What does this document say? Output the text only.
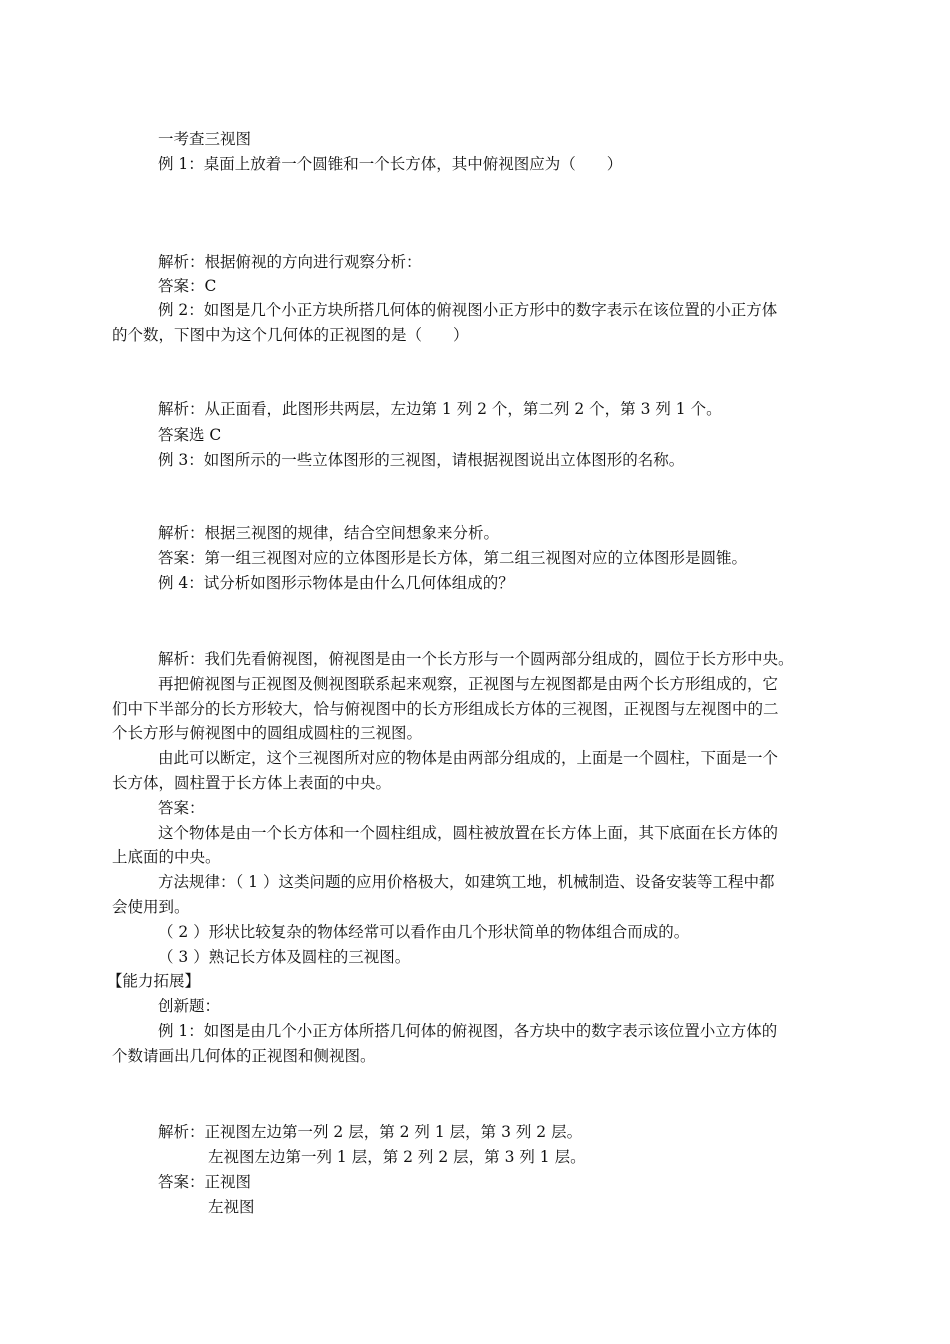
一考查三视图
例 1：桌面上放着一个圆锥和一个长方体，其中俯视图应为（　　）
解析：根据俯视的方向进行观察分析：
答案：C
例 2：如图是几个小正方块所搭几何体的俯视图小正方形中的数字表示在该位置的小正方体
的个数，下图中为这个几何体的正视图的是（　　）
解析：从正面看，此图形共两层，左边第 1 列 2 个，第二列 2 个，第 3 列 1 个。
答案选 C
例 3：如图所示的一些立体图形的三视图，请根据视图说出立体图形的名称。
解析：根据三视图的规律，结合空间想象来分析。
答案：第一组三视图对应的立体图形是长方体，第二组三视图对应的立体图形是圆锥。
例 4：试分析如图形示物体是由什么几何体组成的？
解析：我们先看俯视图，俯视图是由一个长方形与一个圆两部分组成的，圆位于长方形中央。
再把俯视图与正视图及侧视图联系起来观察，正视图与左视图都是由两个长方形组成的，它
们中下半部分的长方形较大，恰与俯视图中的长方形组成长方体的三视图，正视图与左视图中的二
个长方形与俯视图中的圆组成圆柱的三视图。
由此可以断定，这个三视图所对应的物体是由两部分组成的，上面是一个圆柱，下面是一个
长方体，圆柱置于长方体上表面的中央。
答案：
这个物体是由一个长方体和一个圆柱组成，圆柱被放置在长方体上面，其下底面在长方体的
上底面的中央。
方法规律：（ 1 ）这类问题的应用价格极大，如建筑工地，机械制造、设备安装等工程中都
会使用到。
（ 2 ）形状比较复杂的物体经常可以看作由几个形状简单的物体组合而成的。
（ 3 ）熟记长方体及圆柱的三视图。
【能力拓展】
创新题：
例 1：如图是由几个小正方体所搭几何体的俯视图，各方块中的数字表示该位置小立方体的
个数请画出几何体的正视图和侧视图。
解析：正视图左边第一列 2 层，第 2 列 1 层，第 3 列 2 层。
左视图左边第一列 1 层，第 2 列 2 层，第 3 列 1 层。
答案：正视图
左视图
